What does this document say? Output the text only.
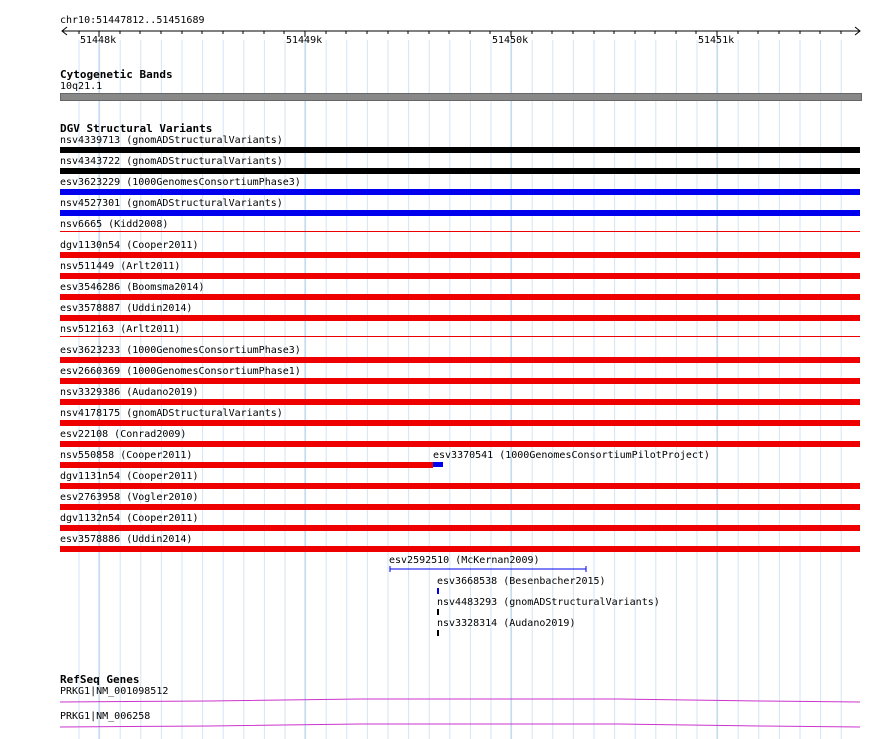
chr10:51447812..51451689
51448k	51449k	51450k	51451k
Cytogenetic Bands
10q21.1
DGV Structural Variants
nsv4339713 (gnomADStructuralVariants)
nsv4343722 (gnomADStructuralVariants)
esv3623229 (1000GenomesConsortiumPhase3)
nsv4527301 (gnomADStructuralVariants)
nsv6665 (Kidd2008)
dgv1130n54 (Cooper2011)
nsv511449 (Arlt2011)
esv3546286 (Boomsma2014)
esv3578887 (Uddin2014)
nsv512163 (Arlt2011)
esv3623233 (1000GenomesConsortiumPhase3)
esv2660369 (1000GenomesConsortiumPhase1)
nsv3329386 (Audano2019)
nsv4178175 (gnomADStructuralVariants)
esv22108 (Conrad2009)
nsv550858 (Cooper2011)
dgv1131n54 (Cooper2011)
esv2763958 (Vogler2010)
dgv1132n54 (Cooper2011)
esv3578886 (Uddin2014)
esv3370541 (1000GenomesConsortiumPilotProject)
esv2592510 (McKernan2009)
esv3668538 (Besenbacher2015)
nsv4483293 (gnomADStructuralVariants)
nsv3328314 (Audano2019)
RefSeq Genes
PRKG1|NM_001098512
PRKG1|NM_006258
